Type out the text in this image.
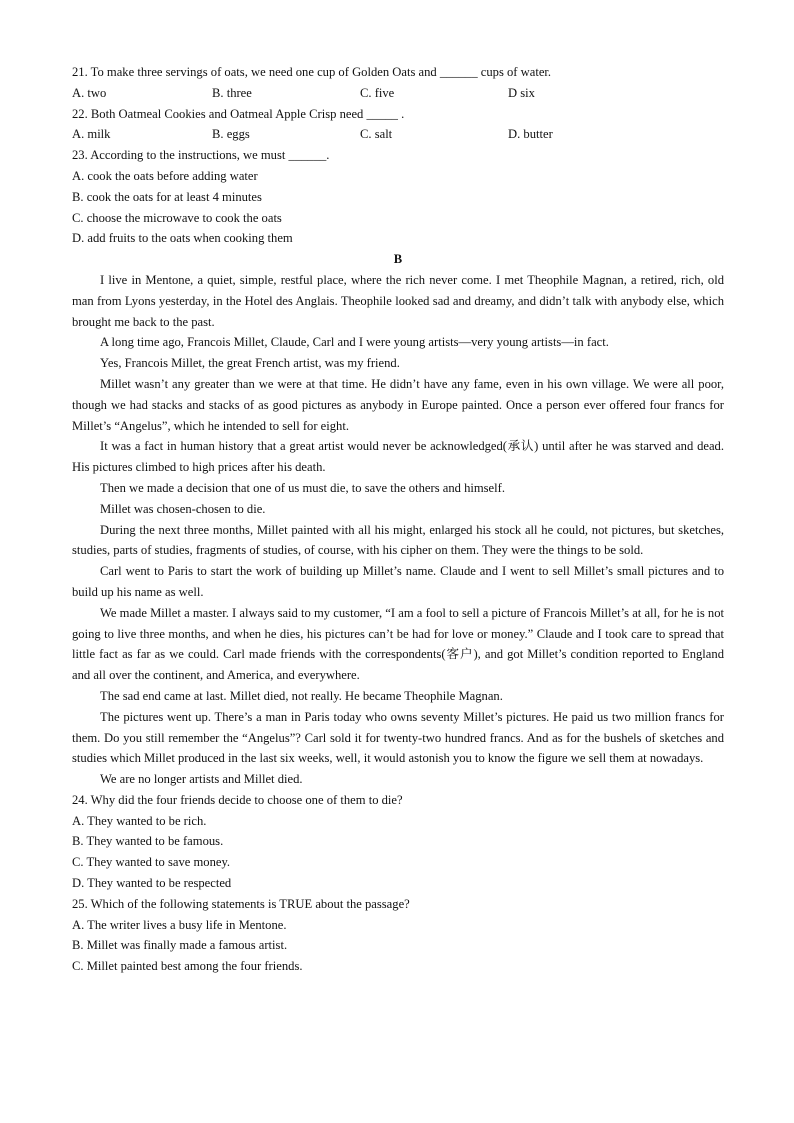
21. To make three servings of oats, we need one cup of Golden Oats and ______ cups of water.
A. two	B. three	C. five	D six
22. Both Oatmeal Cookies and Oatmeal Apple Crisp need _____ .
A. milk	B. eggs	C. salt	D. butter
23. According to the instructions, we must ______.
A. cook the oats before adding water
B. cook the oats for at least 4 minutes
C. choose the microwave to cook the oats
D. add fruits to the oats when cooking them
B
I live in Mentone, a quiet, simple, restful place, where the rich never come. I met Theophile Magnan, a retired, rich, old man from Lyons yesterday, in the Hotel des Anglais. Theophile looked sad and dreamy, and didn’t talk with anybody else, which brought me back to the past.
A long time ago, Francois Millet, Claude, Carl and I were young artists—very young artists—in fact.
Yes, Francois Millet, the great French artist, was my friend.
Millet wasn’t any greater than we were at that time. He didn’t have any fame, even in his own village. We were all poor, though we had stacks and stacks of as good pictures as anybody in Europe painted. Once a person ever offered four francs for Millet’s “Angelus”, which he intended to sell for eight.
It was a fact in human history that a great artist would never be acknowledged(承认) until after he was starved and dead. His pictures climbed to high prices after his death.
Then we made a decision that one of us must die, to save the others and himself.
Millet was chosen-chosen to die.
During the next three months, Millet painted with all his might, enlarged his stock all he could, not pictures, but sketches, studies, parts of studies, fragments of studies, of course, with his cipher on them. They were the things to be sold.
Carl went to Paris to start the work of building up Millet’s name. Claude and I went to sell Millet’s small pictures and to build up his name as well.
We made Millet a master. I always said to my customer, “I am a fool to sell a picture of Francois Millet’s at all, for he is not going to live three months, and when he dies, his pictures can’t be had for love or money.” Claude and I took care to spread that little fact as far as we could. Carl made friends with the correspondents(客户), and got Millet’s condition reported to England and all over the continent, and America, and everywhere.
The sad end came at last. Millet died, not really. He became Theophile Magnan.
The pictures went up. There’s a man in Paris today who owns seventy Millet’s pictures. He paid us two million francs for them. Do you still remember the “Angelus”? Carl sold it for twenty-two hundred francs. And as for the bushels of sketches and studies which Millet produced in the last six weeks, well, it would astonish you to know the figure we sell them at nowadays.
We are no longer artists and Millet died.
24. Why did the four friends decide to choose one of them to die?
A. They wanted to be rich.
B. They wanted to be famous.
C. They wanted to save money.
D. They wanted to be respected
25. Which of the following statements is TRUE about the passage?
A. The writer lives a busy life in Mentone.
B. Millet was finally made a famous artist.
C. Millet painted best among the four friends.
